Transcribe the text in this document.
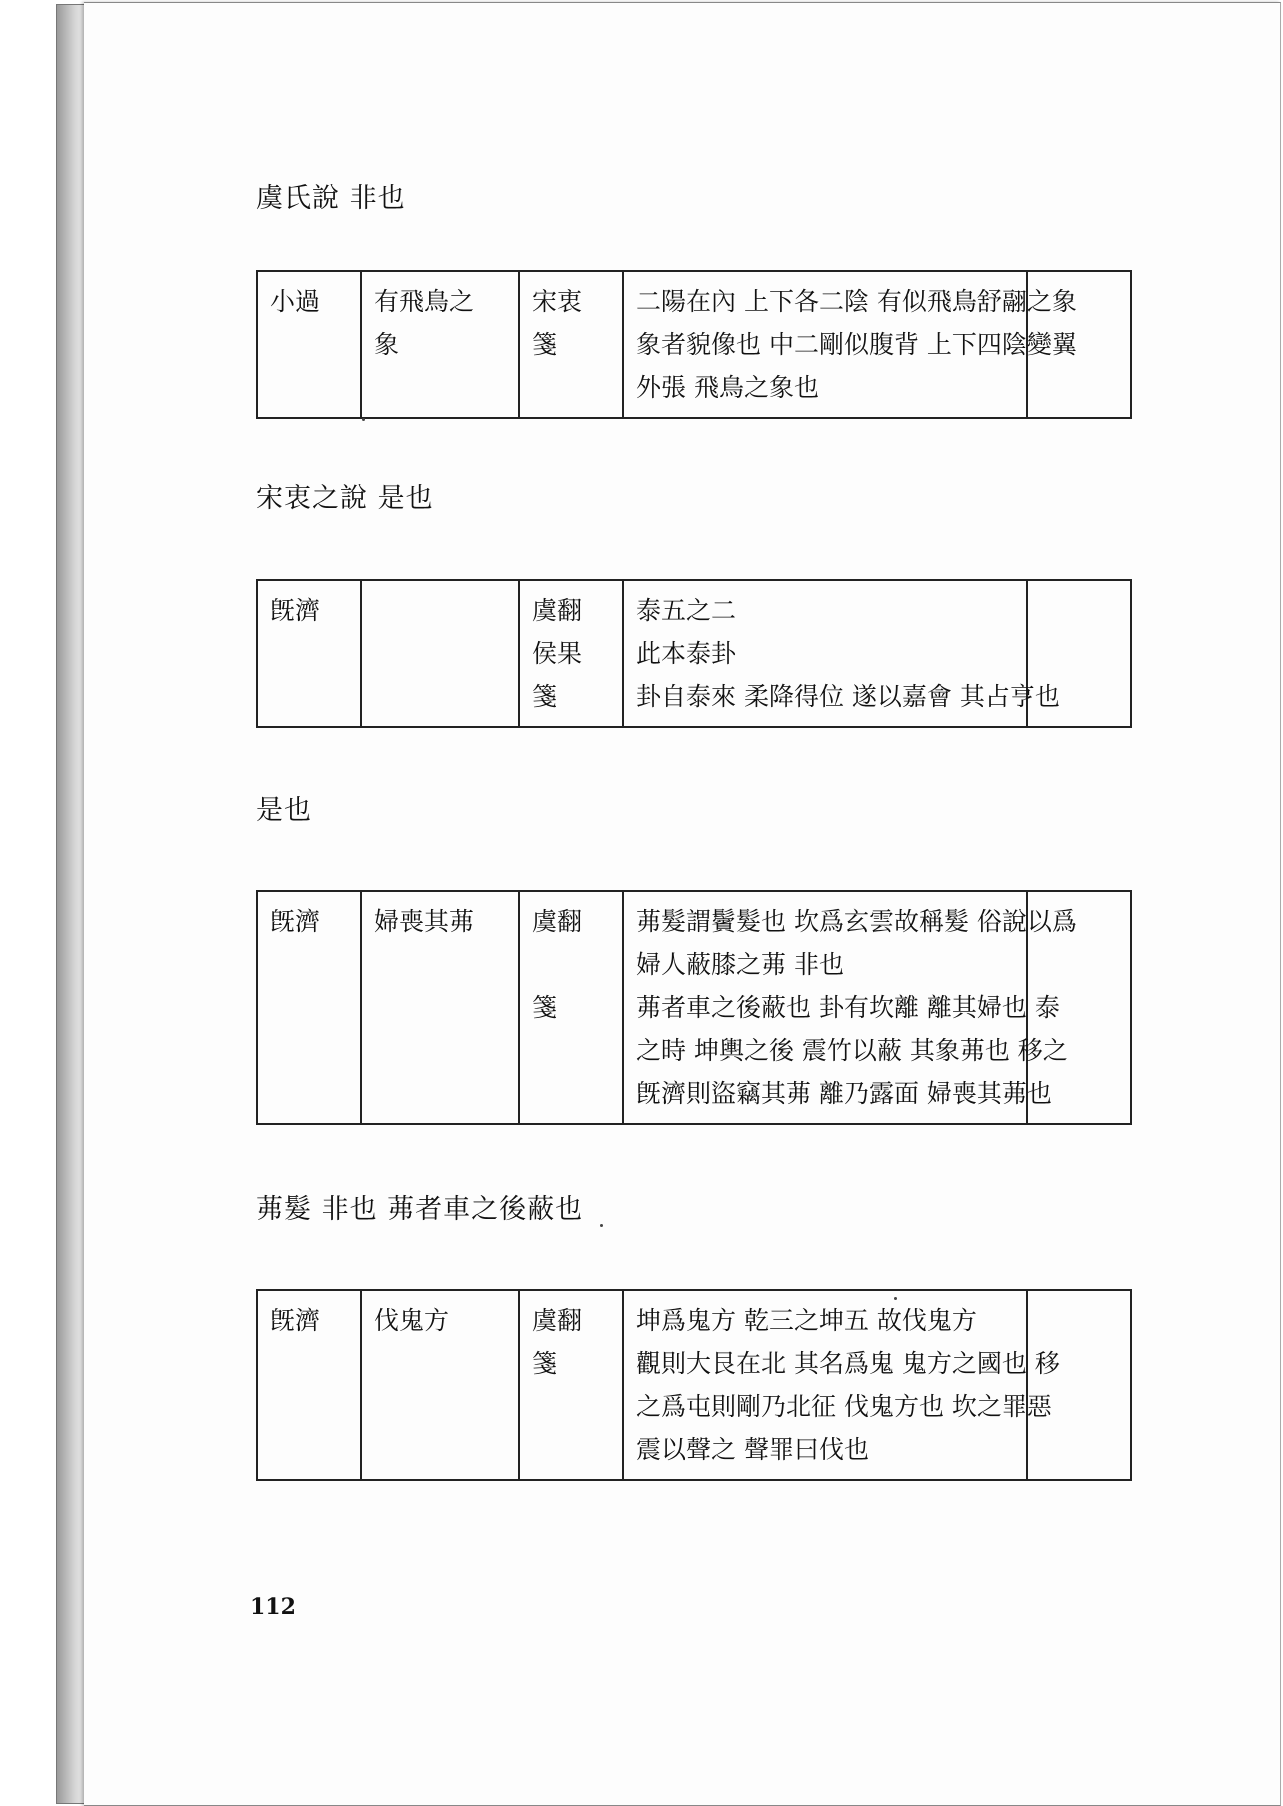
虞氏說 非也
小過	有飛鳥之
象

宋衷
箋

二陽在內 上下各二陰 有似飛鳥舒翮之象
象者貌像也 中二剛似腹背 上下四陰變翼
外張 飛鳥之象也

宋衷之說 是也
旣濟		虞翻
侯果
箋

泰五之二
此本泰卦
卦自泰來 柔降得位 遂以嘉會 其占亨也

是也
旣濟	婦喪其茀	虞翻
箋

茀髮謂鬢髮也 坎爲玄雲故稱髮 俗說以爲
婦人蔽膝之茀 非也
茀者車之後蔽也 卦有坎離 離其婦也 泰
之時 坤輿之後 震竹以蔽 其象茀也 移之
旣濟則盜竊其茀 離乃露面 婦喪其茀也

茀髮 非也 茀者車之後蔽也
旣濟	伐鬼方	虞翻
箋

坤爲鬼方 乾三之坤五 故伐鬼方
觀則大艮在北 其名爲鬼 鬼方之國也 移
之爲屯則剛乃北征 伐鬼方也 坎之罪惡
震以聲之 聲罪曰伐也

112
